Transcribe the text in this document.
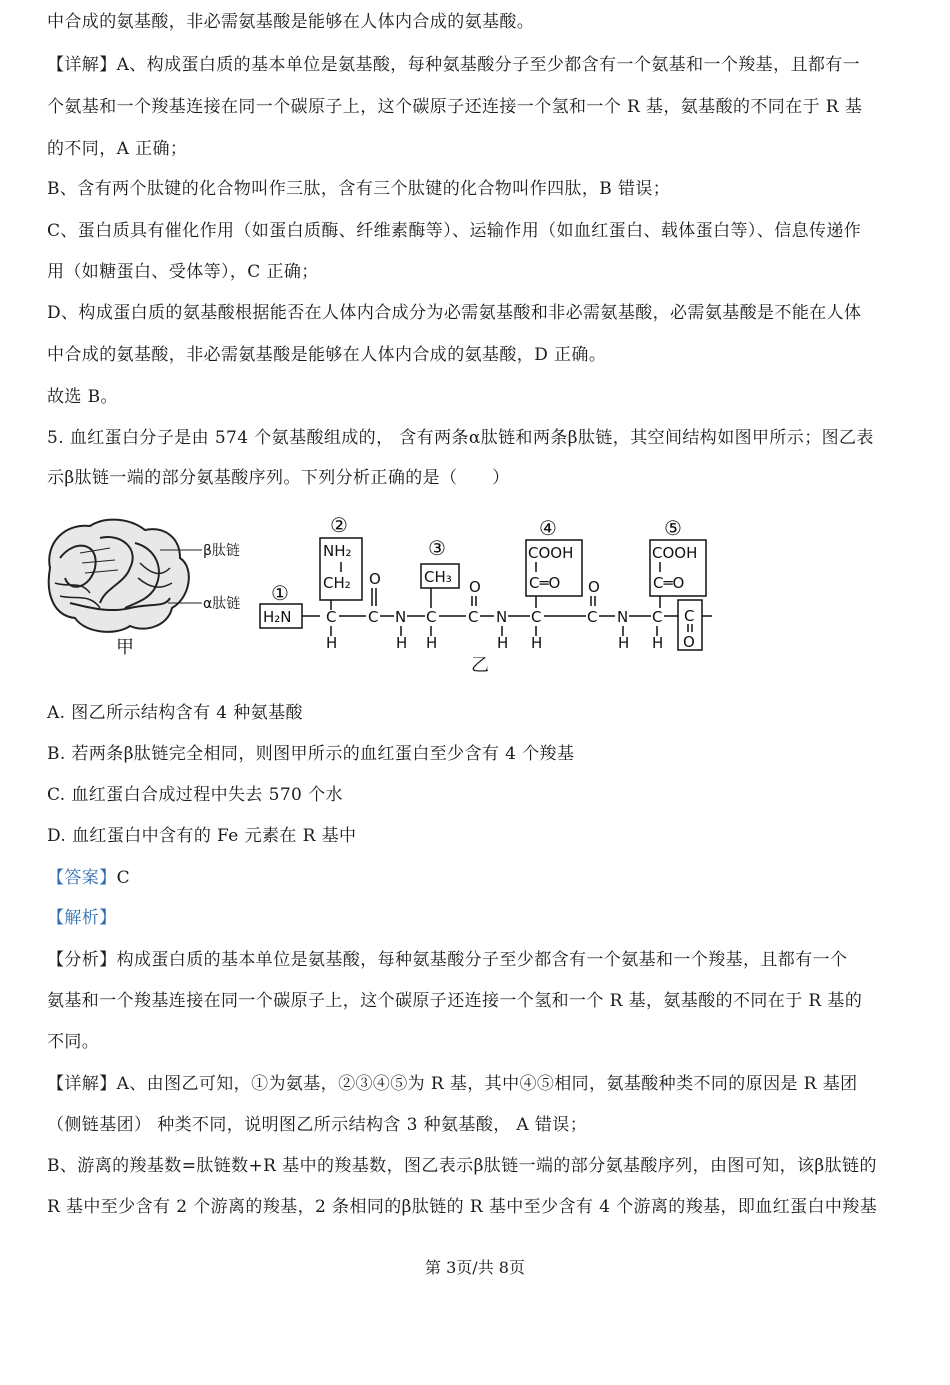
中合成的氨基酸，非必需氨基酸是能够在人体内合成的氨基酸。
【详解】A、构成蛋白质的基本单位是氨基酸，每种氨基酸分子至少都含有一个氨基和一个羧基，且都有一
个氨基和一个羧基连接在同一个碳原子上，这个碳原子还连接一个氢和一个 R 基，氨基酸的不同在于 R 基
的不同，A 正确；
B、含有两个肽键的化合物叫作三肽，含有三个肽键的化合物叫作四肽，B 错误；
C、蛋白质具有催化作用（如蛋白质酶、纤维素酶等）、运输作用（如血红蛋白、载体蛋白等）、信息传递作
用（如糖蛋白、受体等），C 正确；
D、构成蛋白质的氨基酸根据能否在人体内合成分为必需氨基酸和非必需氨基酸，必需氨基酸是不能在人体
中合成的氨基酸，非必需氨基酸是能够在人体内合成的氨基酸，D 正确。
故选 B。
5. 血红蛋白分子是由 574 个氨基酸组成的， 含有两条α肽链和两条β肽链，其空间结构如图甲所示；图乙表
示β肽链一端的部分氨基酸序列。下列分析正确的是（　　）
β肽链
α肽链
甲
①
②
③
④	⑤
H₂N
NH₂
CH₂
C
H
O
C N
H
CH₃
C
H
O
C N
H
COOH
C═O
C
H
O
C N
H
COOH
C═O
C
H
C
O
乙
A. 图乙所示结构含有 4 种氨基酸
B. 若两条β肽链完全相同，则图甲所示的血红蛋白至少含有 4 个羧基
C. 血红蛋白合成过程中失去 570 个水
D. 血红蛋白中含有的 Fe 元素在 R 基中
【答案】C
【解析】
【分析】构成蛋白质的基本单位是氨基酸，每种氨基酸分子至少都含有一个氨基和一个羧基，且都有一个
氨基和一个羧基连接在同一个碳原子上，这个碳原子还连接一个氢和一个 R 基，氨基酸的不同在于 R 基的
不同。
【详解】A、由图乙可知，①为氨基，②③④⑤为 R 基，其中④⑤相同，氨基酸种类不同的原因是 R 基团
（侧链基团） 种类不同，说明图乙所示结构含 3 种氨基酸， A 错误；
B、游离的羧基数=肽链数+R 基中的羧基数，图乙表示β肽链一端的部分氨基酸序列，由图可知，该β肽链的
R 基中至少含有 2 个游离的羧基，2 条相同的β肽链的 R 基中至少含有 4 个游离的羧基，即血红蛋白中羧基
第 3页/共 8页
